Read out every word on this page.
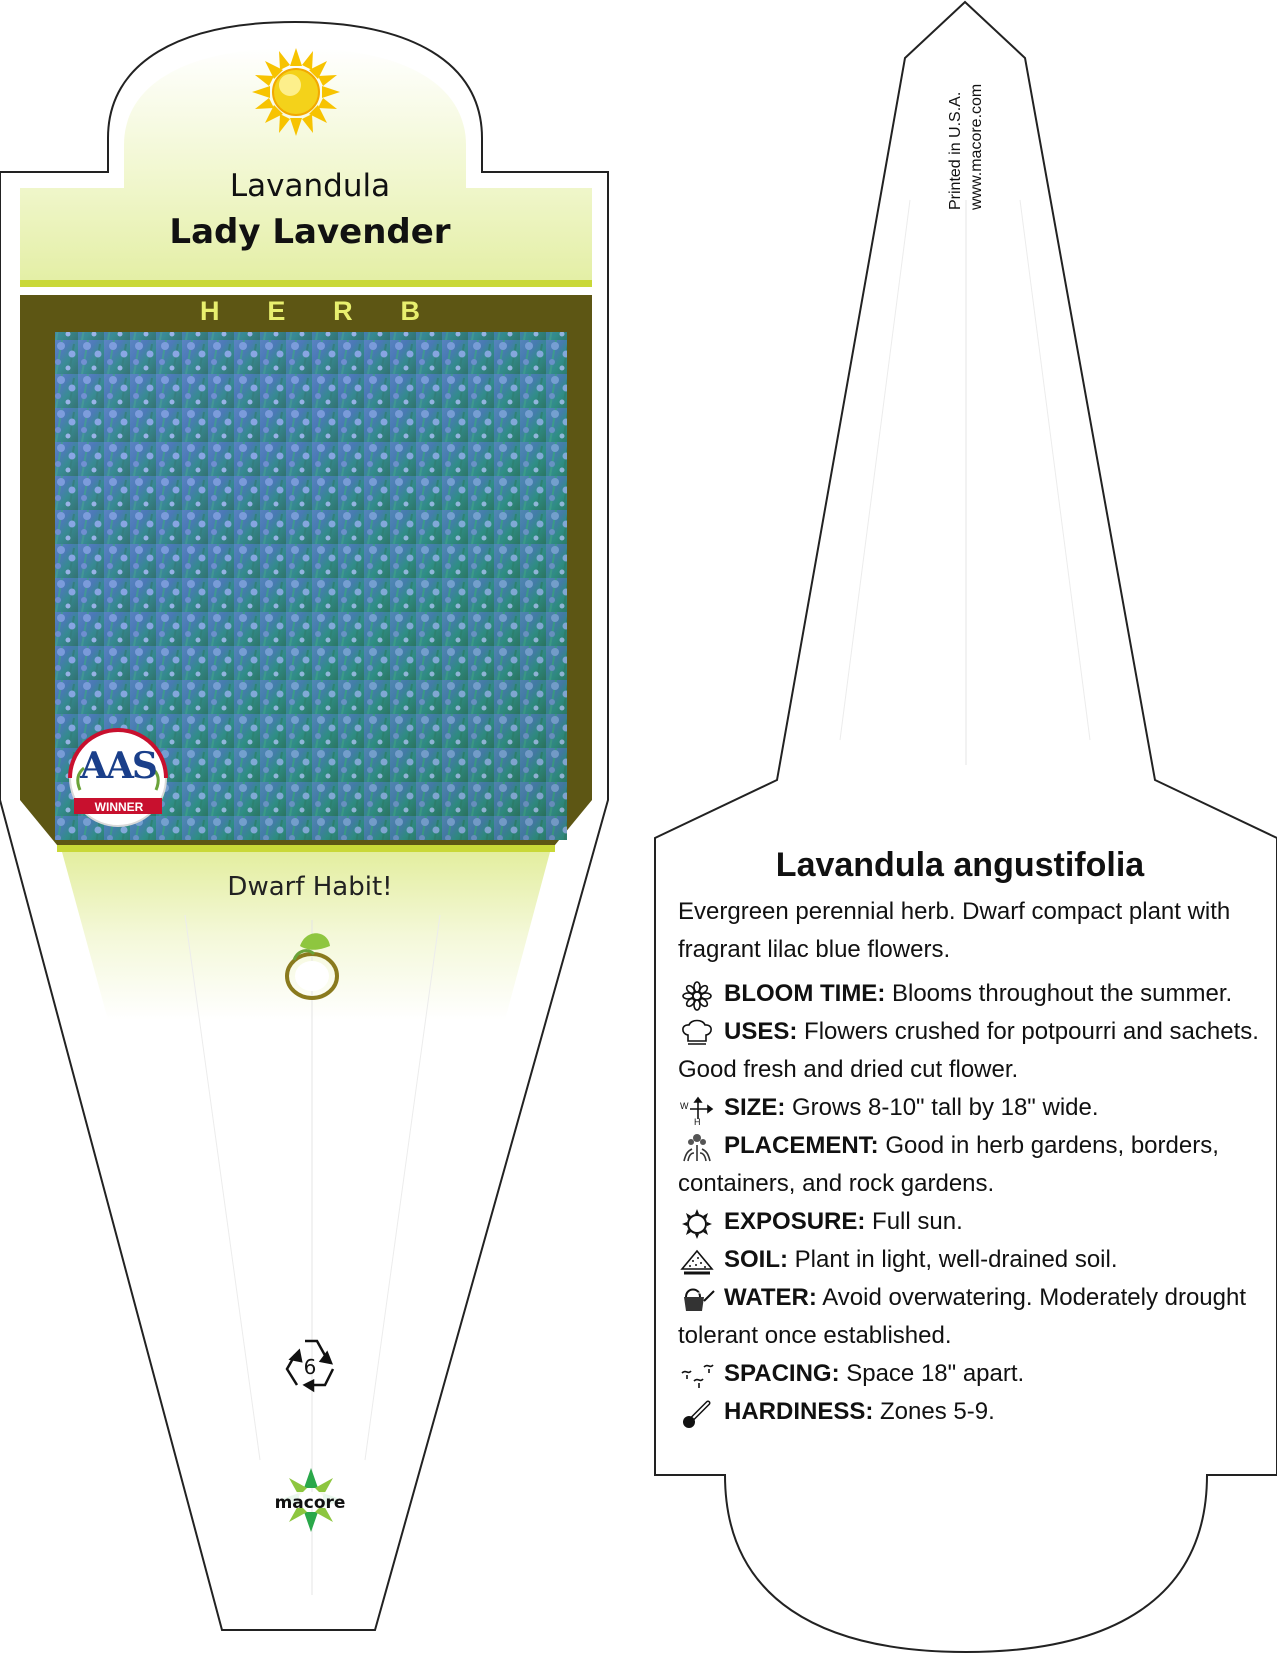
Lavandula
Lady Lavender
H E R B
AAS
WINNER
Dwarf Habit!
6
macore
Printed in U.S.A. www.macore.com
Lavandula angustifolia
Evergreen perennial herb. Dwarf compact plant with fragrant lilac blue flowers.
BLOOM TIME: Blooms throughout the summer.
USES: Flowers crushed for potpourri and sachets. Good fresh and dried cut flower.
W
H
SIZE: Grows 8-10" tall by 18" wide.
PLACEMENT: Good in herb gardens, borders, containers, and rock gardens.
EXPOSURE: Full sun.
SOIL: Plant in light, well-drained soil.
WATER: Avoid overwatering. Moderately drought tolerant once established.
SPACING: Space 18" apart.
HARDINESS: Zones 5-9.
